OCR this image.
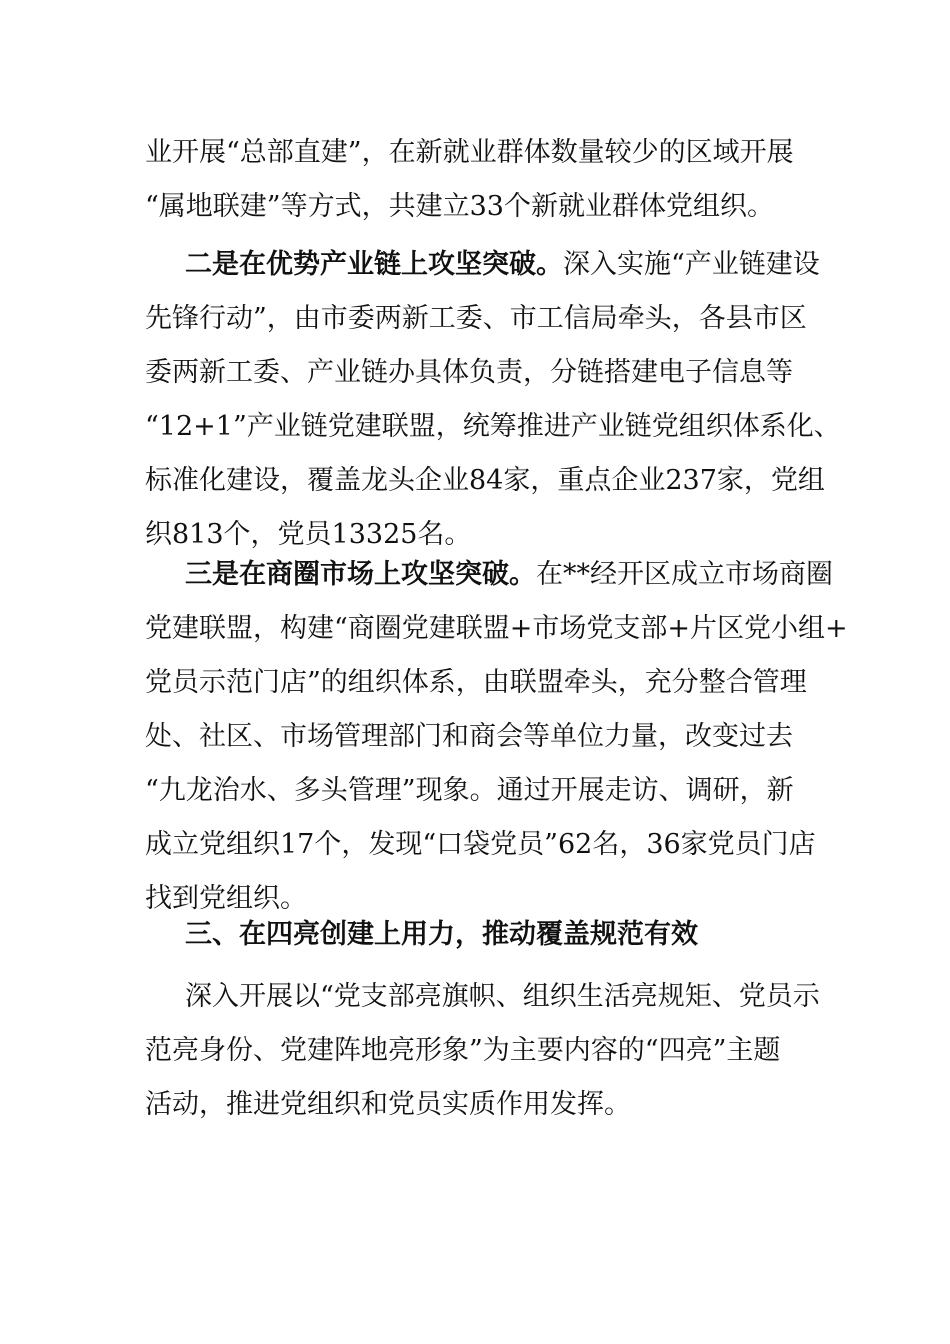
业开展“总部直建”，在新就业群体数量较少的区域开展
“属地联建”等方式，共建立33个新就业群体党组织。
二是在优势产业链上攻坚突破。深入实施“产业链建设
先锋行动”，由市委两新工委、市工信局牵头，各县市区
委两新工委、产业链办具体负责，分链搭建电子信息等
“12+1”产业链党建联盟，统筹推进产业链党组织体系化、
标准化建设，覆盖龙头企业84家，重点企业237家，党组
织813个，党员13325名。
三是在商圈市场上攻坚突破。在**经开区成立市场商圈
党建联盟，构建“商圈党建联盟+市场党支部+片区党小组+
党员示范门店”的组织体系，由联盟牵头，充分整合管理
处、社区、市场管理部门和商会等单位力量，改变过去
“九龙治水、多头管理”现象。通过开展走访、调研，新
成立党组织17个，发现“口袋党员”62名，36家党员门店
找到党组织。
三、在四亮创建上用力，推动覆盖规范有效
深入开展以“党支部亮旗帜、组织生活亮规矩、党员示
范亮身份、党建阵地亮形象”为主要内容的“四亮”主题
活动，推进党组织和党员实质作用发挥。
